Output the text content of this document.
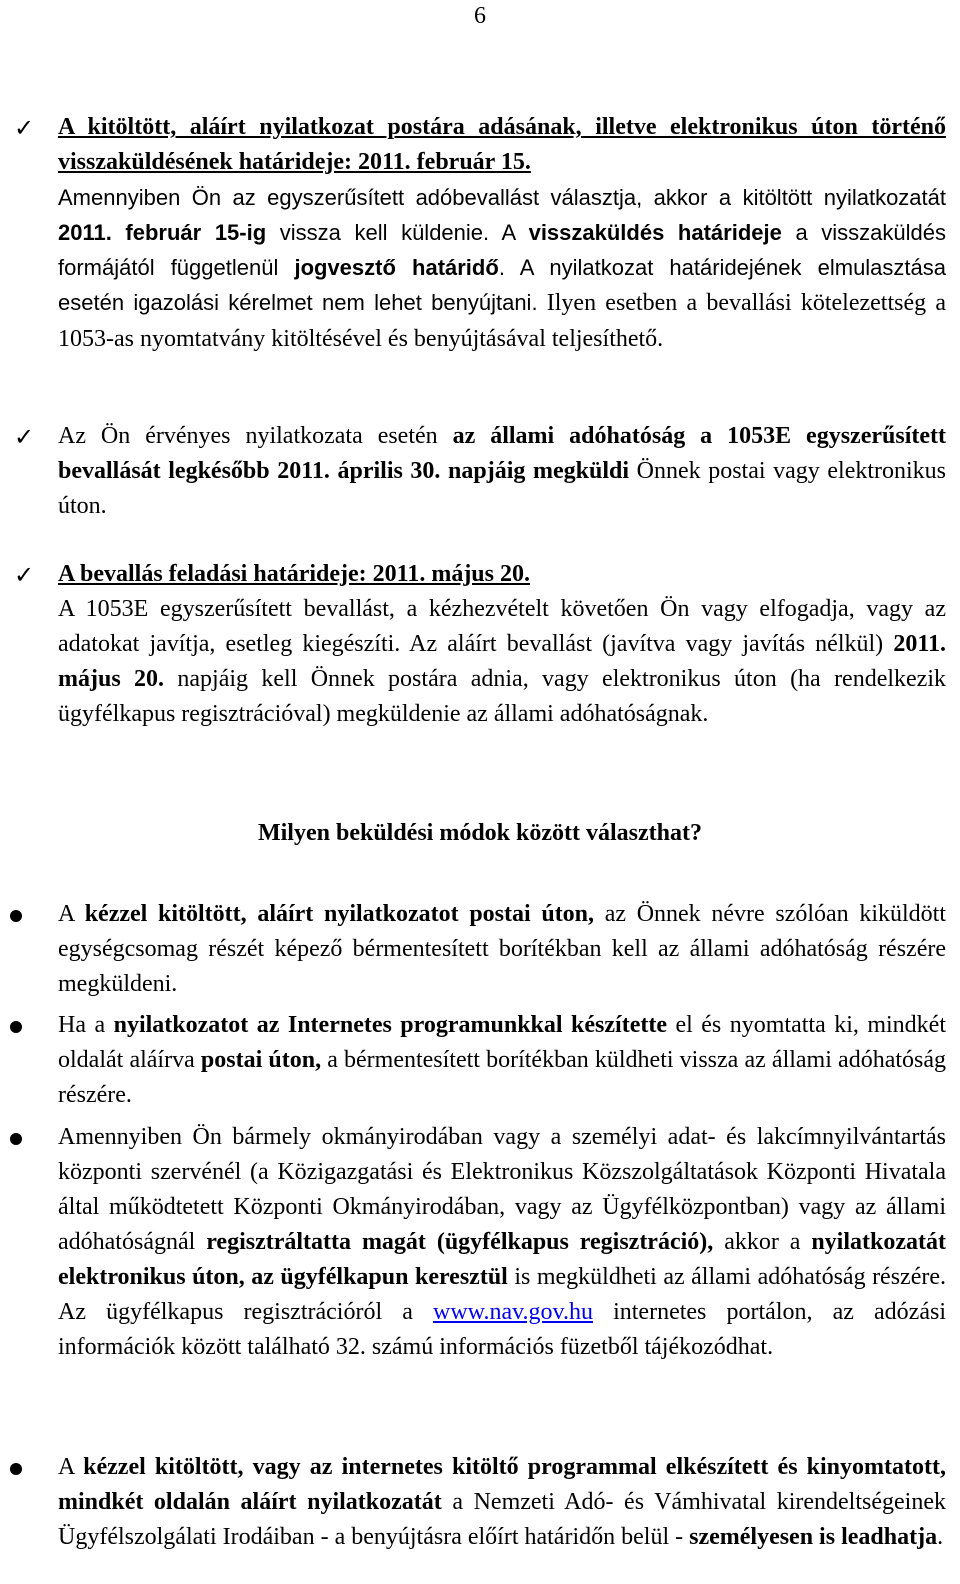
6
✓ A kitöltött, aláírt nyilatkozat postára adásának, illetve elektronikus úton történő visszaküldésének határideje: 2011. február 15.

Amennyiben Ön az egyszerűsített adóbevallást választja, akkor a kitöltött nyilatkozatát 2011. február 15-ig vissza kell küldenie. A visszaküldés határideje a visszaküldés formájától függetlenül jogvesztő határidő. A nyilatkozat határidejének elmulasztása esetén igazolási kérelmet nem lehet benyújtani. Ilyen esetben a bevallási kötelezettség a 1053-as nyomtatvány kitöltésével és benyújtásával teljesíthető.

✓ Az Ön érvényes nyilatkozata esetén az állami adóhatóság a 1053E egyszerűsített bevallását legkésőbb 2011. április 30. napjáig megküldi Önnek postai vagy elektronikus úton.

✓ A bevallás feladási határideje: 2011. május 20.

A 1053E egyszerűsített bevallást, a kézhezvételt követően Ön vagy elfogadja, vagy az adatokat javítja, esetleg kiegészíti. Az aláírt bevallást (javítva vagy javítás nélkül) 2011. május 20. napjáig kell Önnek postára adnia, vagy elektronikus úton (ha rendelkezik ügyfélkapus regisztrációval) megküldenie az állami adóhatóságnak.

Milyen beküldési módok között választhat?

A kézzel kitöltött, aláírt nyilatkozatot postai úton, az Önnek névre szólóan kiküldött egységcsomag részét képező bérmentesített borítékban kell az állami adóhatóság részére megküldeni.

Ha a nyilatkozatot az Internetes programunkkal készítette el és nyomtatta ki, mindkét oldalát aláírva postai úton, a bérmentesített borítékban küldheti vissza az állami adóhatóság részére.

Amennyiben Ön bármely okmányirodában vagy a személyi adat- és lakcímnyilvántartás központi szervénél (a Közigazgatási és Elektronikus Közszolgáltatások Központi Hivatala által működtetett Központi Okmányirodában, vagy az Ügyfélközpontban) vagy az állami adóhatóságnál regisztráltatta magát (ügyfélkapus regisztráció), akkor a nyilatkozatát elektronikus úton, az ügyfélkapun keresztül is megküldheti az állami adóhatóság részére. Az ügyfélkapus regisztrációról a www.nav.gov.hu internetes portálon, az adózási információk között található 32. számú információs füzetből tájékozódhat.

A kézzel kitöltött, vagy az internetes kitöltő programmal elkészített és kinyomtatott, mindkét oldalán aláírt nyilatkozatát a Nemzeti Adó- és Vámhivatal kirendeltségeinek Ügyfélszolgálati Irodáiban - a benyújtásra előírt határidőn belül - személyesen is leadhatja.
